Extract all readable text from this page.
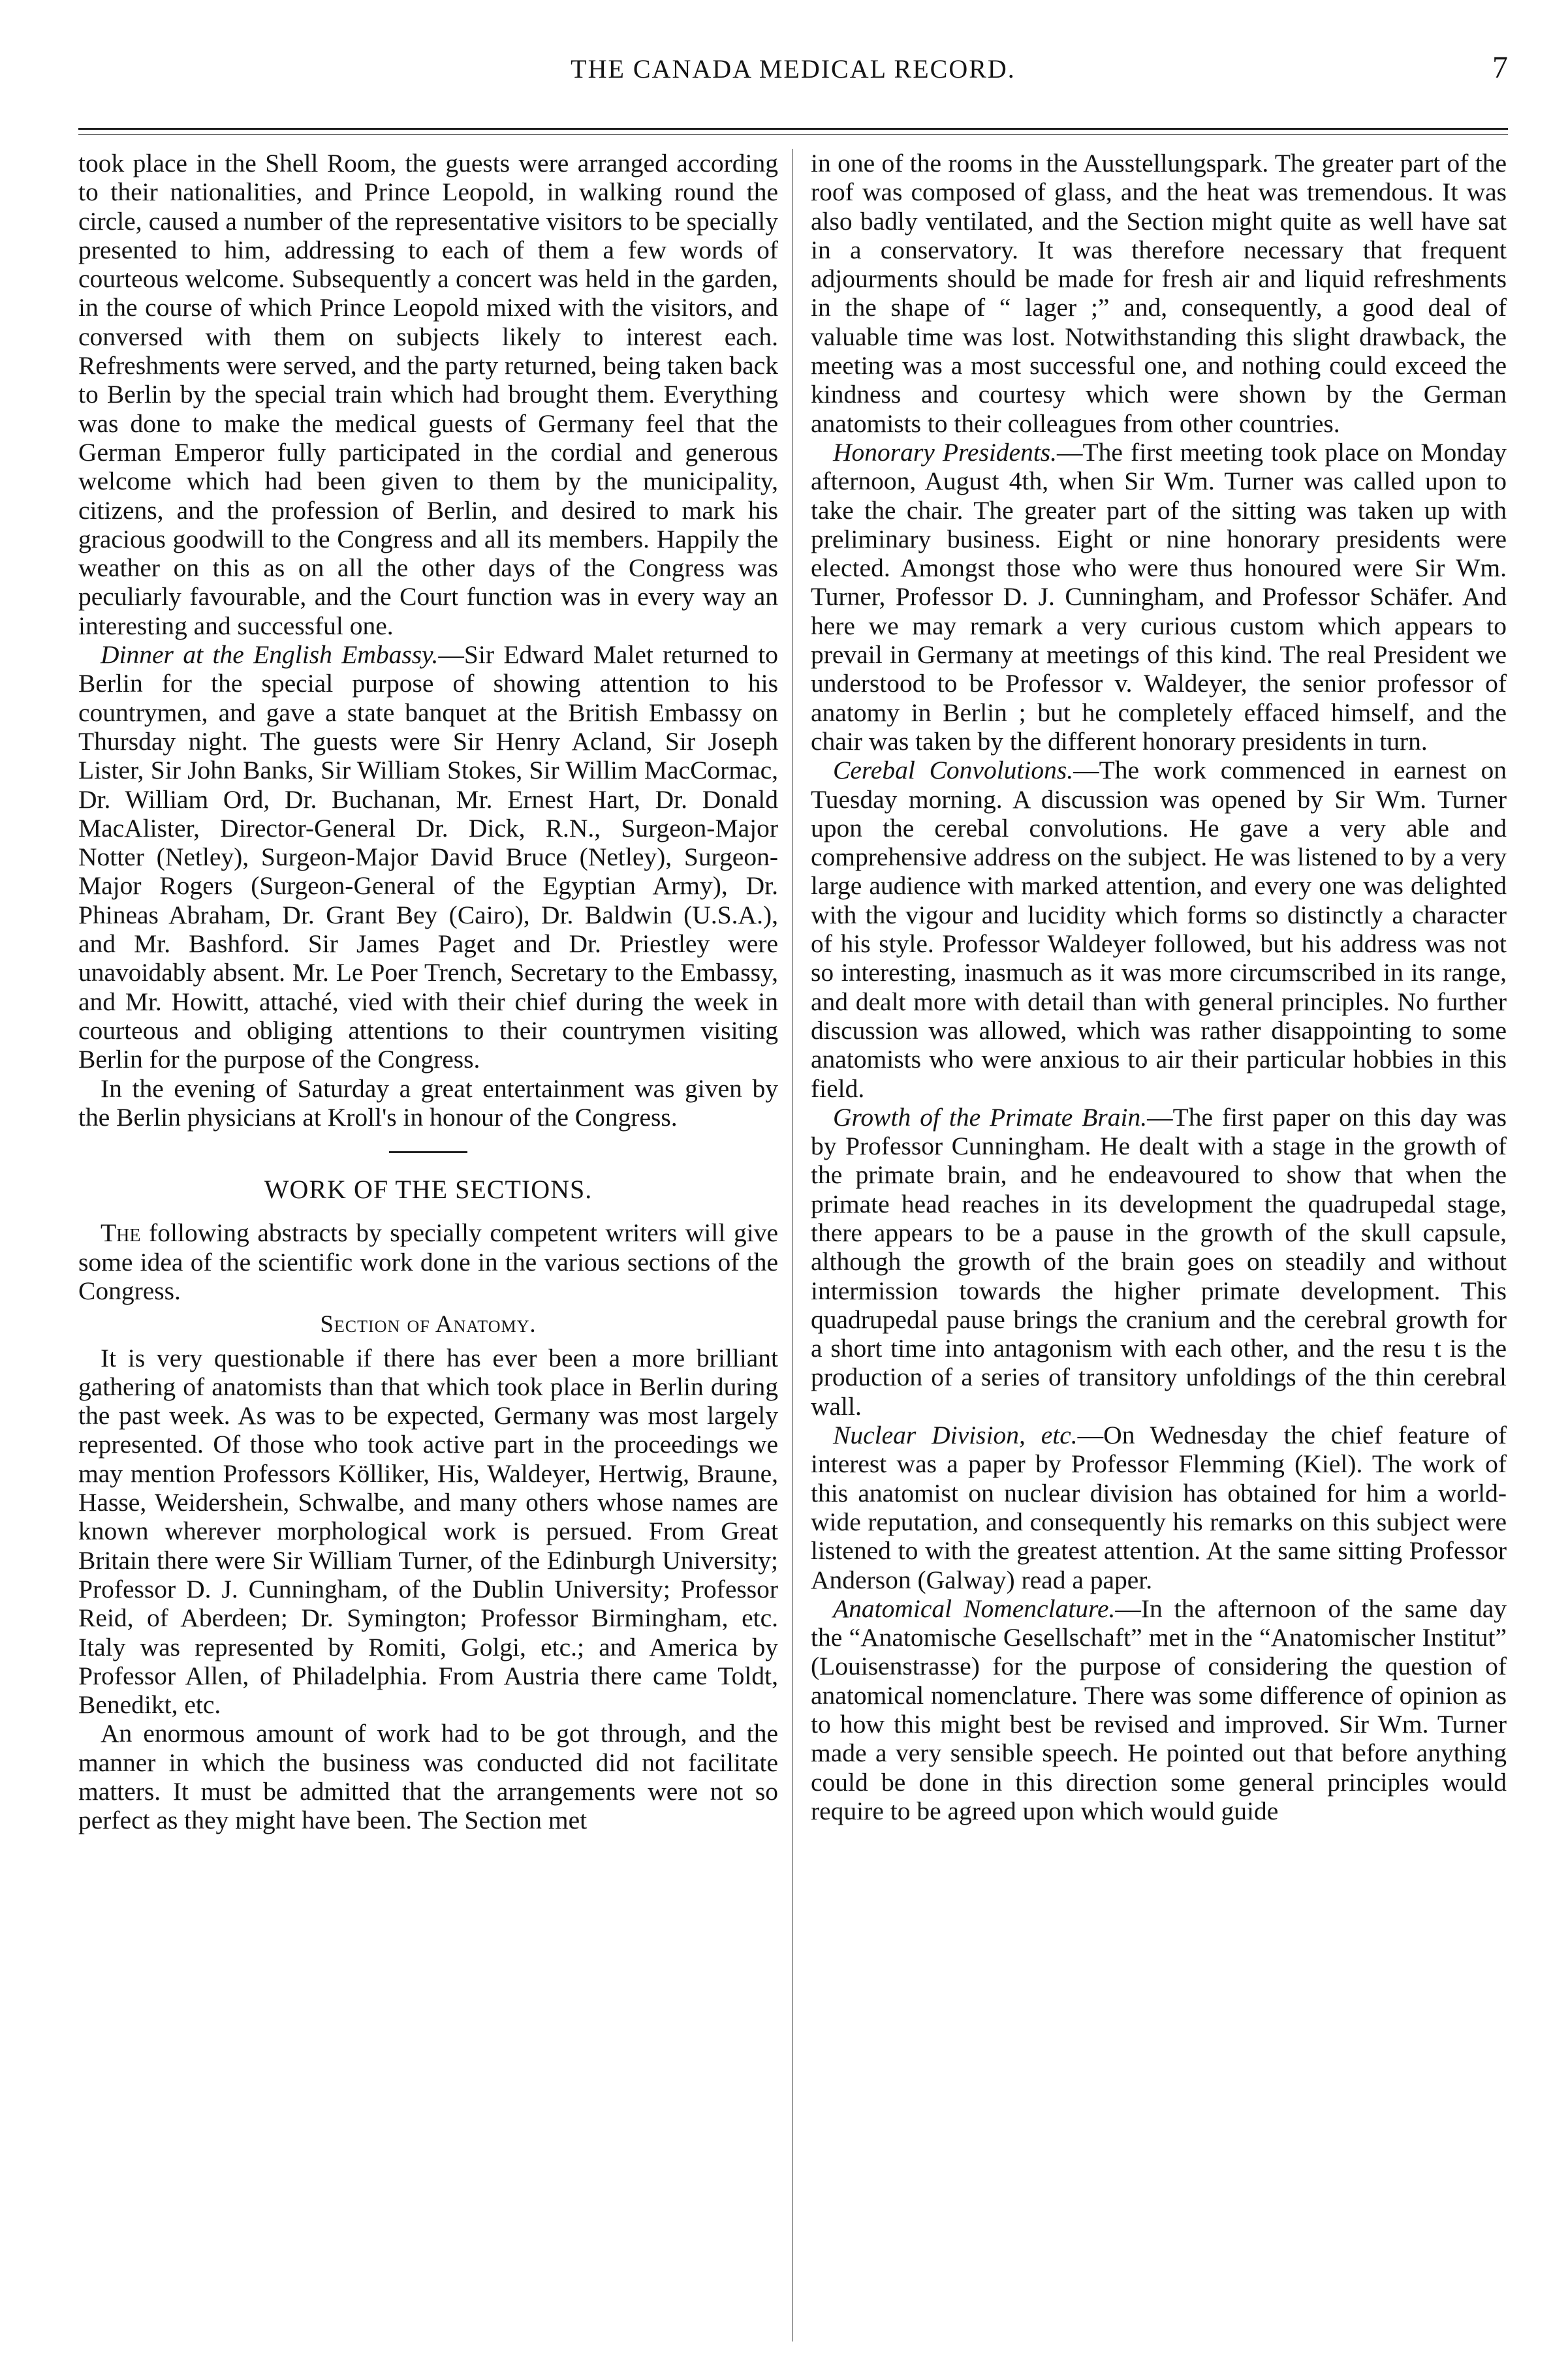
THE CANADA MEDICAL RECORD.	7

took place in the Shell Room, the guests were arranged according to their nationalities, and Prince Leopold, in walking round the circle, caused a number of the representative visitors to be specially presented to him, addressing to each of them a few words of courteous welcome. Subsequently a concert was held in the garden, in the course of which Prince Leopold mixed with the visitors, and conversed with them on subjects likely to interest each. Refreshments were served, and the party returned, being taken back to Berlin by the special train which had brought them. Everything was done to make the medical guests of Germany feel that the German Emperor fully participated in the cordial and generous welcome which had been given to them by the municipality, citizens, and the profession of Berlin, and desired to mark his gracious goodwill to the Congress and all its members. Happily the weather on this as on all the other days of the Congress was peculiarly favourable, and the Court function was in every way an interesting and successful one.

Dinner at the English Embassy.—Sir Edward Malet returned to Berlin for the special purpose of showing attention to his countrymen, and gave a state banquet at the British Embassy on Thursday night. The guests were Sir Henry Acland, Sir Joseph Lister, Sir John Banks, Sir William Stokes, Sir Willim MacCormac, Dr. William Ord, Dr. Buchanan, Mr. Ernest Hart, Dr. Donald MacAlister, Director-General Dr. Dick, R.N., Surgeon-Major Notter (Netley), Surgeon-Major David Bruce (Netley), Surgeon-Major Rogers (Surgeon-General of the Egyptian Army), Dr. Phineas Abraham, Dr. Grant Bey (Cairo), Dr. Baldwin (U.S.A.), and Mr. Bashford. Sir James Paget and Dr. Priestley were unavoidably absent. Mr. Le Poer Trench, Secretary to the Embassy, and Mr. Howitt, attaché, vied with their chief during the week in courteous and obliging attentions to their countrymen visiting Berlin for the purpose of the Congress.

In the evening of Saturday a great entertainment was given by the Berlin physicians at Kroll's in honour of the Congress.

WORK OF THE SECTIONS.

The following abstracts by specially competent writers will give some idea of the scientific work done in the various sections of the Congress.

Section of Anatomy.

It is very questionable if there has ever been a more brilliant gathering of anatomists than that which took place in Berlin during the past week. As was to be expected, Germany was most largely represented. Of those who took active part in the proceedings we may mention Professors Kölliker, His, Waldeyer, Hertwig, Braune, Hasse, Weidershein, Schwalbe, and many others whose names are known wherever morphological work is persued. From Great Britain there were Sir William Turner, of the Edinburgh University; Professor D. J. Cunningham, of the Dublin University; Professor Reid, of Aberdeen; Dr. Symington; Professor Birmingham, etc. Italy was represented by Romiti, Golgi, etc.; and America by Professor Allen, of Philadelphia. From Austria there came Toldt, Benedikt, etc.

An enormous amount of work had to be got through, and the manner in which the business was conducted did not facilitate matters. It must be admitted that the arrangements were not so perfect as they might have been. The Section met

in one of the rooms in the Ausstellungspark. The greater part of the roof was composed of glass, and the heat was tremendous. It was also badly ventilated, and the Section might quite as well have sat in a conservatory. It was therefore necessary that frequent adjourments should be made for fresh air and liquid refreshments in the shape of “ lager ;” and, consequently, a good deal of valuable time was lost. Notwithstanding this slight drawback, the meeting was a most successful one, and nothing could exceed the kindness and courtesy which were shown by the German anatomists to their colleagues from other countries.

Honorary Presidents.—The first meeting took place on Monday afternoon, August 4th, when Sir Wm. Turner was called upon to take the chair. The greater part of the sitting was taken up with preliminary business. Eight or nine honorary presidents were elected. Amongst those who were thus honoured were Sir Wm. Turner, Professor D. J. Cunningham, and Professor Schäfer. And here we may remark a very curious custom which appears to prevail in Germany at meetings of this kind. The real President we understood to be Professor v. Waldeyer, the senior professor of anatomy in Berlin ; but he completely effaced himself, and the chair was taken by the different honorary presidents in turn.

Cerebal Convolutions.—The work commenced in earnest on Tuesday morning. A discussion was opened by Sir Wm. Turner upon the cerebal convolutions. He gave a very able and comprehensive address on the subject. He was listened to by a very large audience with marked attention, and every one was delighted with the vigour and lucidity which forms so distinctly a character of his style. Professor Waldeyer followed, but his address was not so interesting, inasmuch as it was more circumscribed in its range, and dealt more with detail than with general principles. No further discussion was allowed, which was rather disappointing to some anatomists who were anxious to air their particular hobbies in this field.

Growth of the Primate Brain.—The first paper on this day was by Professor Cunningham. He dealt with a stage in the growth of the primate brain, and he endeavoured to show that when the primate head reaches in its development the quadrupedal stage, there appears to be a pause in the growth of the skull capsule, although the growth of the brain goes on steadily and without intermission towards the higher primate development. This quadrupedal pause brings the cranium and the cerebral growth for a short time into antagonism with each other, and the resu t is the production of a series of transitory unfoldings of the thin cerebral wall.

Nuclear Division, etc.—On Wednesday the chief feature of interest was a paper by Professor Flemming (Kiel). The work of this anatomist on nuclear division has obtained for him a world-wide reputation, and consequently his remarks on this subject were listened to with the greatest attention. At the same sitting Professor Anderson (Galway) read a paper.

Anatomical Nomenclature.—In the afternoon of the same day the “Anatomische Gesellschaft” met in the “Anatomischer Institut” (Louisenstrasse) for the purpose of considering the question of anatomical nomenclature. There was some difference of opinion as to how this might best be revised and improved. Sir Wm. Turner made a very sensible speech. He pointed out that before anything could be done in this direction some general principles would require to be agreed upon which would guide
